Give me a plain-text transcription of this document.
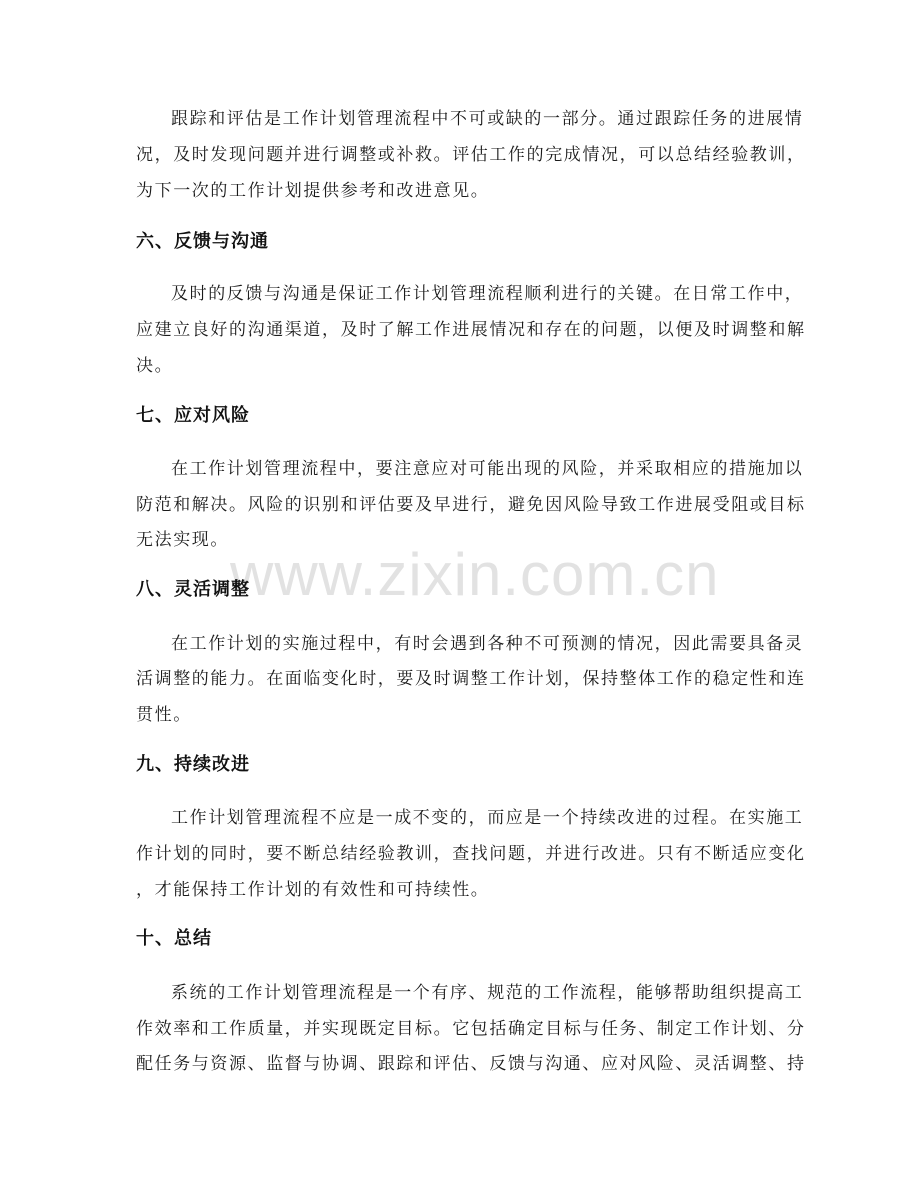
www.zixin.com.cn
跟踪和评估是工作计划管理流程中不可或缺的一部分。通过跟踪任务的进展情
况，及时发现问题并进行调整或补救。评估工作的完成情况，可以总结经验教训，
为下一次的工作计划提供参考和改进意见。
六、反馈与沟通
及时的反馈与沟通是保证工作计划管理流程顺利进行的关键。在日常工作中，
应建立良好的沟通渠道，及时了解工作进展情况和存在的问题，以便及时调整和解
决。
七、应对风险
在工作计划管理流程中，要注意应对可能出现的风险，并采取相应的措施加以
防范和解决。风险的识别和评估要及早进行，避免因风险导致工作进展受阻或目标
无法实现。
八、灵活调整
在工作计划的实施过程中，有时会遇到各种不可预测的情况，因此需要具备灵
活调整的能力。在面临变化时，要及时调整工作计划，保持整体工作的稳定性和连
贯性。
九、持续改进
工作计划管理流程不应是一成不变的，而应是一个持续改进的过程。在实施工
作计划的同时，要不断总结经验教训，查找问题，并进行改进。只有不断适应变化
，才能保持工作计划的有效性和可持续性。
十、总结
系统的工作计划管理流程是一个有序、规范的工作流程，能够帮助组织提高工
作效率和工作质量，并实现既定目标。它包括确定目标与任务、制定工作计划、分
配任务与资源、监督与协调、跟踪和评估、反馈与沟通、应对风险、灵活调整、持
